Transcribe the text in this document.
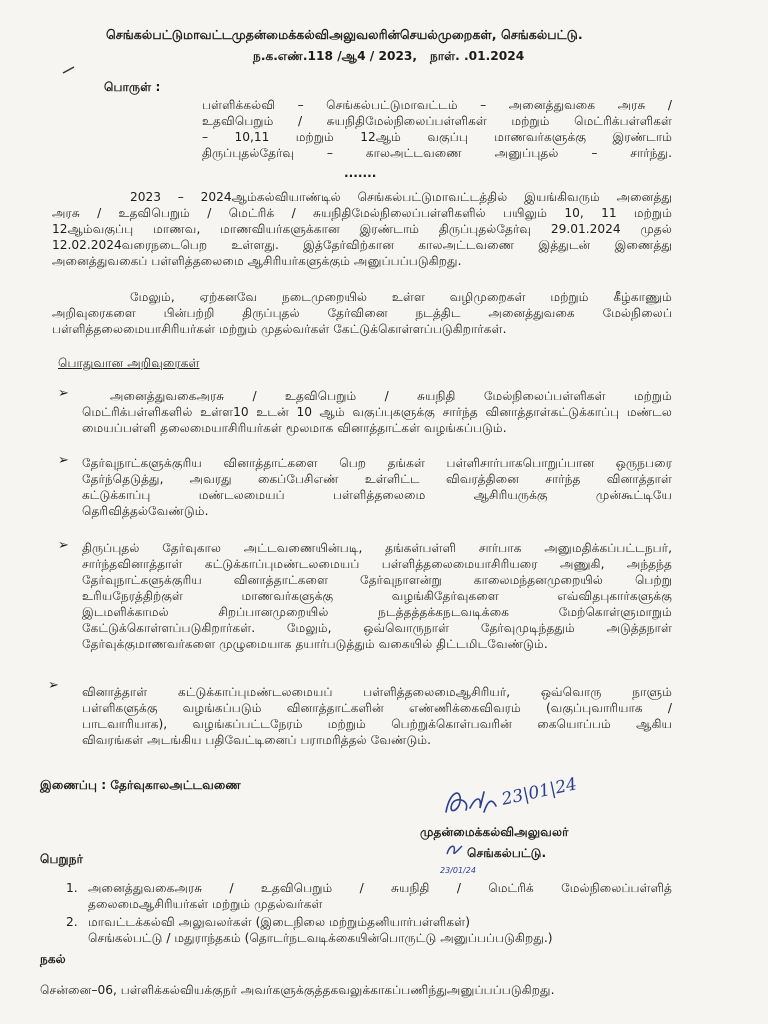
செங்கல்பட்டுமாவட்டமுதன்மைக்கல்விஅலுவலரின்செயல்முறைகள், செங்கல்பட்டு.
ந.க.எண்.118 /ஆ4 / 2023, நாள். .01.2024
பொருள் :
பள்ளிக்கல்வி – செங்கல்பட்டுமாவட்டம் – அனைத்துவகை அரசு /
உதவிபெறும் / சுயநிதிமேல்நிலைப்பள்ளிகள் மற்றும் மெட்ரிக்பள்ளிகள்
– 10,11 மற்றும் 12ஆம் வகுப்பு மாணவர்களுக்கு இரண்டாம்
திருப்புதல்தேர்வு – காலஅட்டவணை அனுப்புதல் – சார்ந்து.
.......
2023 – 2024ஆம்கல்வியாண்டில் செங்கல்பட்டுமாவட்டத்தில் இயங்கிவரும் அனைத்து
அரசு / உதவிபெறும் / மெட்ரிக் / சுயநிதிமேல்நிலைப்பள்ளிகளில் பயிலும் 10, 11 மற்றும்
12ஆம்வகுப்பு மாணவ, மாணவியர்களுக்கான இரண்டாம் திருப்புதல்தேர்வு 29.01.2024 முதல்
12.02.2024வரைநடைபெற உள்ளது. இத்தேர்விற்கான காலஅட்டவணை இத்துடன் இணைத்து
அனைத்துவகைப் பள்ளித்தலைமை ஆசிரியர்களுக்கும் அனுப்பப்படுகிறது.
மேலும், ஏற்கனவே நடைமுறையில் உள்ள வழிமுறைகள் மற்றும் கீழ்காணும்
அறிவுரைகளை பின்பற்றி திருப்புதல் தேர்வினை நடத்திட அனைத்துவகை மேல்நிலைப்
பள்ளித்தலைமையாசிரியர்கள் மற்றும் முதல்வர்கள் கேட்டுக்கொள்ளப்படுகிறார்கள்.
பொதுவான அறிவுரைகள்
➢	அனைத்துவகைஅரசு / உதவிபெறும் / சுயநிதி மேல்நிலைப்பள்ளிகள் மற்றும்
மெட்ரிக்பள்ளிகளில் உள்ள10 உடன் 10 ஆம் வகுப்புகளுக்கு சார்ந்த வினாத்தாள்கட்டுக்காப்பு மண்டல
மையப்பள்ளி தலைமையாசிரியர்கள் மூலமாக வினாத்தாட்கள் வழங்கப்படும்.
➢ தேர்வுநாட்களுக்குரிய வினாத்தாட்களை பெற தங்கள் பள்ளிசார்பாகபொறுப்பான ஒருநபரை
தேர்ந்தெடுத்து, அவரது கைப்பேசிஎண் உள்ளிட்ட விவரத்தினை சார்ந்த வினாத்தாள்
கட்டுக்காப்பு மண்டலமையப் பள்ளித்தலைமை ஆசிரியருக்கு முன்கூட்டியே
தெரிவித்தல்வேண்டும்.
➢ திருப்புதல் தேர்வுகால அட்டவணையின்படி, தங்கள்பள்ளி சார்பாக அனுமதிக்கப்பட்டநபர்,
சார்ந்தவினாத்தாள் கட்டுக்காப்புமண்டலமையப் பள்ளித்தலைமையாசிரியரை அணுகி, அந்தந்த
தேர்வுநாட்களுக்குரிய வினாத்தாட்களை தேர்வுநாளன்று காலைமந்தனமுறையில் பெற்று
உரியநேரத்திற்குள் மாணவர்களுக்கு வழங்கிதேர்வுகளை எவ்விதபுகார்களுக்கு
இடமளிக்காமல் சிறப்பானமுறையில் நடத்தத்தக்கநடவடிக்கை மேற்கொள்ளுமாறும்
கேட்டுக்கொள்ளப்படுகிறார்கள். மேலும், ஒவ்வொருநாள் தேர்வுமுடிந்ததும் அடுத்தநாள்
தேர்வுக்குமாணவர்களை முழுமையாக தயார்படுத்தும் வகையில் திட்டமிடவேண்டும்.
➢ வினாத்தாள் கட்டுக்காப்புமண்டலமையப் பள்ளித்தலைமைஆசிரியர், ஒவ்வொரு நாளும்
பள்ளிகளுக்கு வழங்கப்படும் வினாத்தாட்களின் எண்ணிக்கைவிவரம் (வகுப்புவாரியாக /
பாடவாரியாக), வழங்கப்பட்டநேரம் மற்றும் பெற்றுக்கொள்பவரின் கையொப்பம் ஆகிய
விவரங்கள் அடங்கிய பதிவேட்டினைப் பராமரித்தல் வேண்டும்.
இணைப்பு : தேர்வுகாலஅட்டவணை	23|01|24
முதன்மைக்கல்விஅலுவலர்
செங்கல்பட்டு.
23/01/24
பெறுநர்
1. அனைத்துவகைஅரசு / உதவிபெறும் / சுயநிதி / மெட்ரிக் மேல்நிலைப்பள்ளித்
தலைமைஆசிரியர்கள் மற்றும் முதல்வர்கள்
2. மாவட்டக்கல்வி அலுவலர்கள் (இடைநிலை மற்றும்தனியார்பள்ளிகள்)
செங்கல்பட்டு / மதுராந்தகம் (தொடர்நடவடிக்கையின்பொருட்டு அனுப்பப்படுகிறது.)
நகல்
சென்னை–06, பள்ளிக்கல்வியக்குநர் அவர்களுக்குத்தகவலுக்காகப்பணிந்துஅனுப்பப்படுகிறது.
